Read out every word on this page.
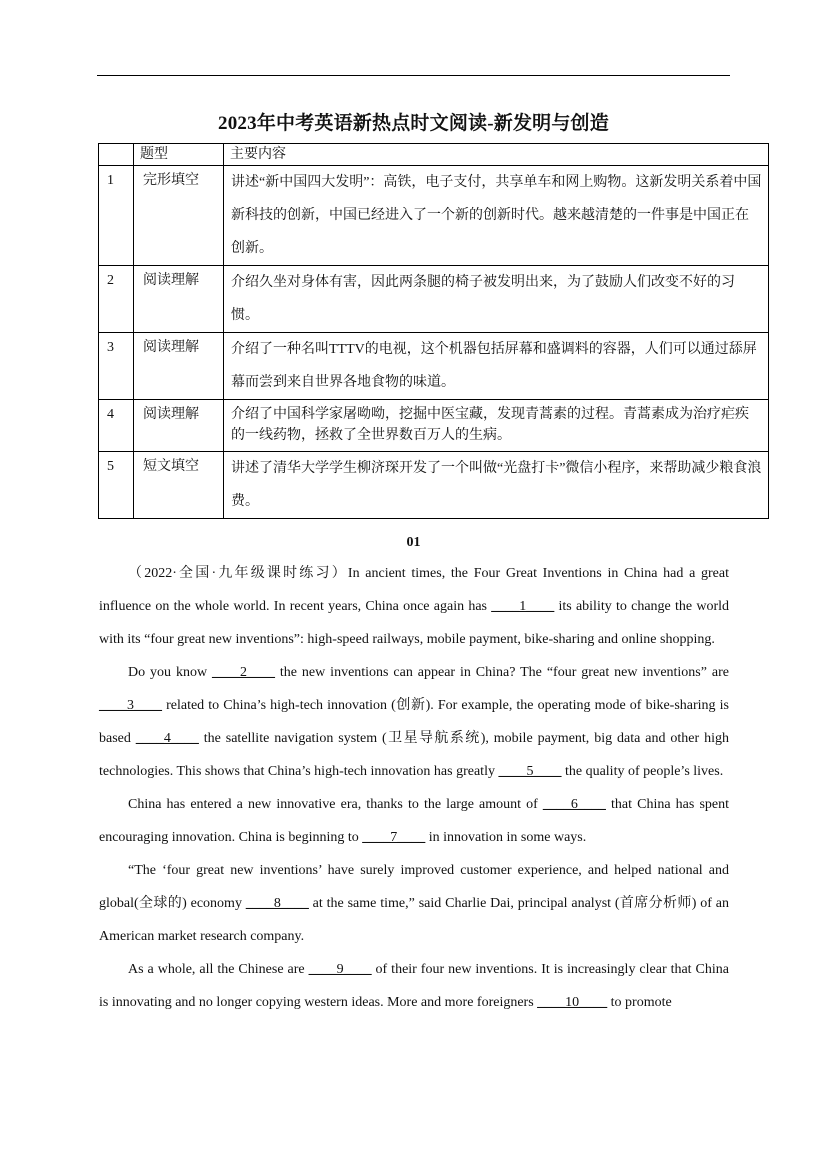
2023年中考英语新热点时文阅读-新发明与创造
	题型	主要内容
1	完形填空	讲述“新中国四大发明”：高铁，电子支付，共享单车和网上购物。这新发明关系着中国新科技的创新，中国已经进入了一个新的创新时代。越来越清楚的一件事是中国正在创新。
2	阅读理解	介绍久坐对身体有害，因此两条腿的椅子被发明出来，为了鼓励人们改变不好的习惯。
3	阅读理解	介绍了一种名叫TTTV的电视，这个机器包括屏幕和盛调料的容器，人们可以通过舔屏幕而尝到来自世界各地食物的味道。
4	阅读理解	介绍了中国科学家屠呦呦，挖掘中医宝藏，发现青蒿素的过程。青蒿素成为治疗疟疾的一线药物，拯救了全世界数百万人的生病。
5	短文填空	讲述了清华大学学生柳济琛开发了一个叫做“光盘打卡”微信小程序，来帮助减少粮食浪费。
01

（2022·全国·九年级课时练习）In ancient times, the Four Great Inventions in China had a great influence on the whole world. In recent years, China once again has ____1____ its ability to change the world with its “four great new inventions”: high-speed railways, mobile payment, bike-sharing and online shopping.

Do you know ____2____ the new inventions can appear in China? The “four great new inventions” are ____3____ related to China’s high-tech innovation (创新). For example, the operating mode of bike-sharing is based ____4____ the satellite navigation system (卫星导航系统), mobile payment, big data and other high technologies. This shows that China’s high-tech innovation has greatly ____5____ the quality of people’s lives.

China has entered a new innovative era, thanks to the large amount of ____6____ that China has spent encouraging innovation. China is beginning to ____7____ in innovation in some ways.

“The ‘four great new inventions’ have surely improved customer experience, and helped national and global(全球的) economy ____8____ at the same time,” said Charlie Dai, principal analyst (首席分析师) of an American market research company.

As a whole, all the Chinese are ____9____ of their four new inventions. It is increasingly clear that China is innovating and no longer copying western ideas. More and more foreigners ____10____ to promote
